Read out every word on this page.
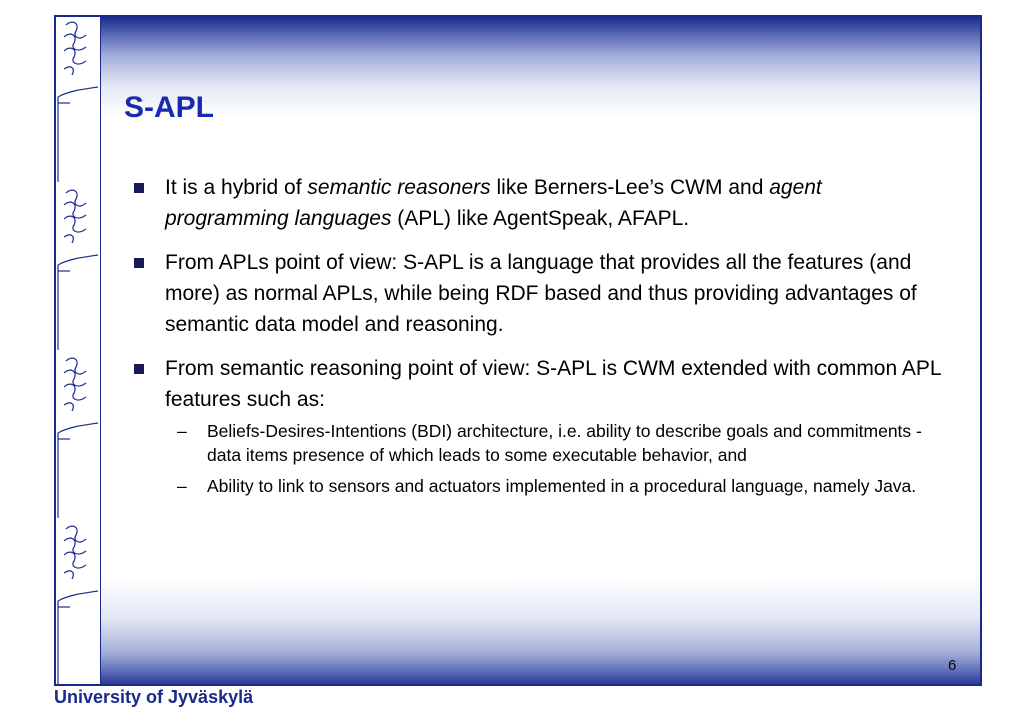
S-APL
It is a hybrid of semantic reasoners like Berners-Lee’s CWM and agent programming languages (APL) like AgentSpeak, AFAPL.
From APLs point of view: S-APL is a language that provides all the features (and more) as normal APLs, while being RDF based and thus providing advantages of semantic data model and reasoning.
From semantic reasoning point of view: S-APL is CWM extended with common APL features such as:
– Beliefs-Desires-Intentions (BDI) architecture, i.e. ability to describe goals and commitments - data items presence of which leads to some executable behavior, and
– Ability to link to sensors and actuators implemented in a procedural language, namely Java.
6
University of Jyväskylä
